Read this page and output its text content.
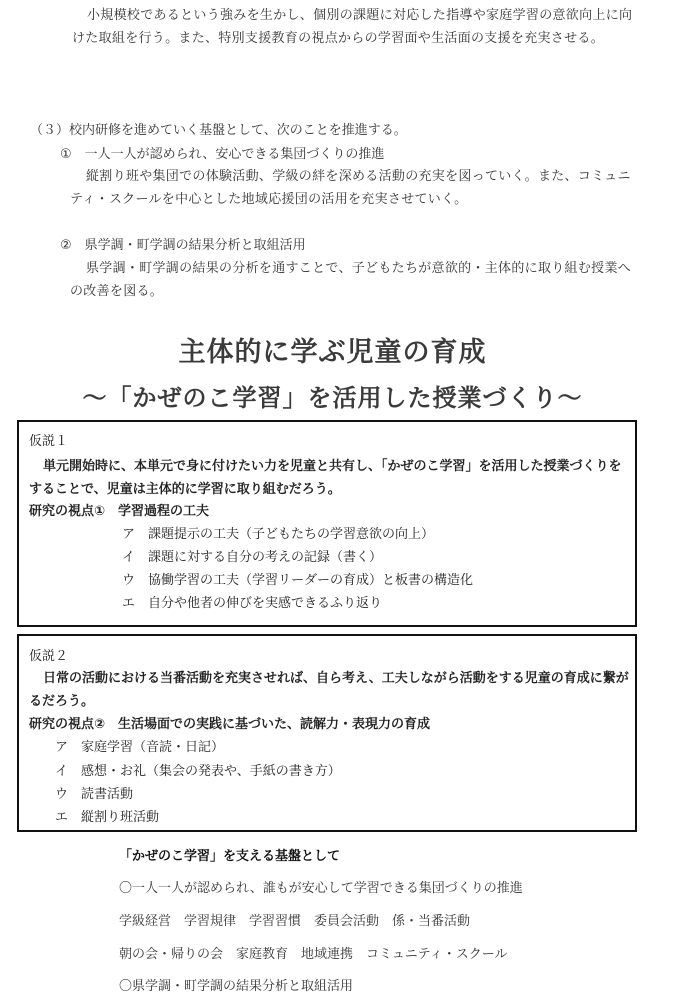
小規模校であるという強みを生かし、個別の課題に対応した指導や家庭学習の意欲向上に向けた取組を行う。また、特別支援教育の視点からの学習面や生活面の支援を充実させる。
（３）校内研修を進めていく基盤として、次のことを推進する。
①　一人一人が認められ、安心できる集団づくりの推進
縦割り班や集団での体験活動、学級の絆を深める活動の充実を図っていく。また、コミュニティ・スクールを中心とした地域応援団の活用を充実させていく。
②　県学調・町学調の結果分析と取組活用
県学調・町学調の結果の分析を通すことで、子どもたちが意欲的・主体的に取り組む授業への改善を図る。
主体的に学ぶ児童の育成
～「かぜのこ学習」を活用した授業づくり～
仮説１
単元開始時に、本単元で身に付けたい力を児童と共有し、「かぜのこ学習」を活用した授業づくりをすることで、児童は主体的に学習に取り組むだろう。
研究の視点①　学習過程の工夫
ア　課題提示の工夫（子どもたちの学習意欲の向上）
イ　課題に対する自分の考えの記録（書く）
ウ　協働学習の工夫（学習リーダーの育成）と板書の構造化
エ　自分や他者の伸びを実感できるふり返り
仮説２
日常の活動における当番活動を充実させれば、自ら考え、工夫しながら活動をする児童の育成に繋がるだろう。
研究の視点②　生活場面での実践に基づいた、読解力・表現力の育成
ア　家庭学習（音読・日記）
イ　感想・お礼（集会の発表や、手紙の書き方）
ウ　読書活動
エ　縦割り班活動
「かぜのこ学習」を支える基盤として
〇一人一人が認められ、誰もが安心して学習できる集団づくりの推進
学級経営　学習規律　学習習慣　委員会活動　係・当番活動
朝の会・帰りの会　家庭教育　地域連携　コミュニティ・スクール
〇県学調・町学調の結果分析と取組活用
